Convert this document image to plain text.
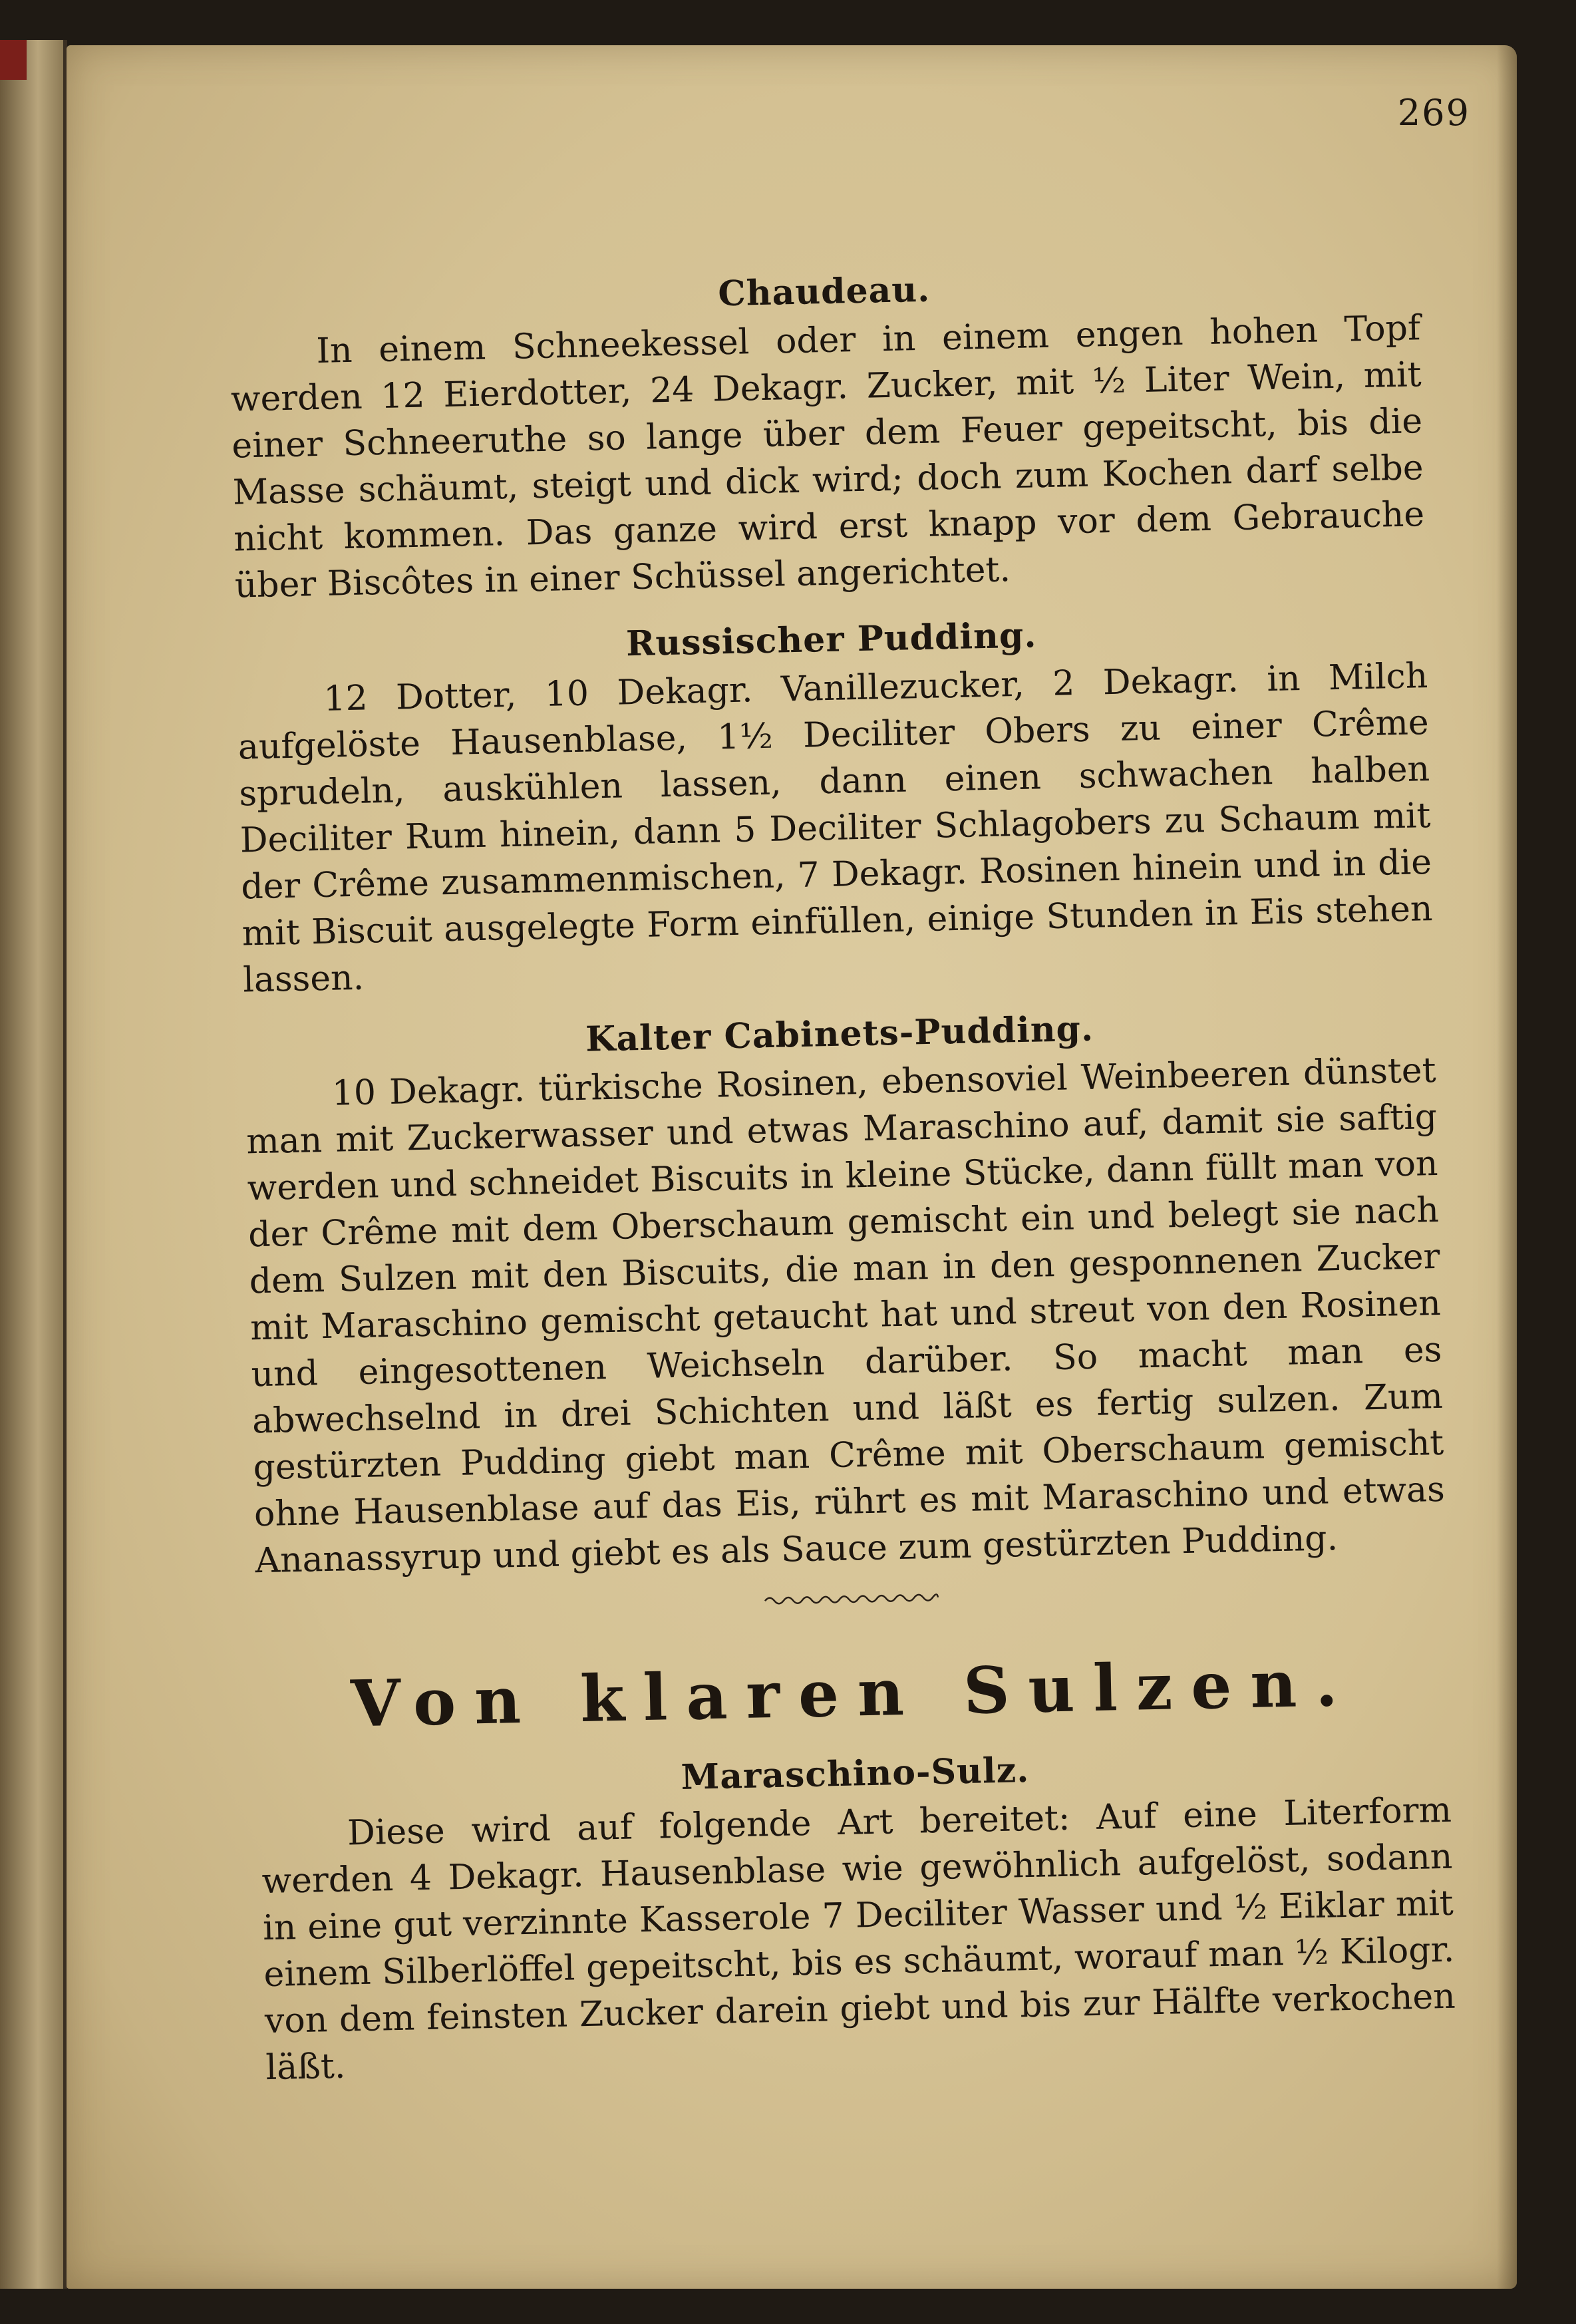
269
Chaudeau.

In einem Schneekessel oder in einem engen hohen Topf werden 12 Eierdotter, 24 Dekagr. Zucker, mit ½ Liter Wein, mit einer Schneeruthe so lange über dem Feuer gepeitscht, bis die Masse schäumt, steigt und dick wird; doch zum Kochen darf selbe nicht kommen. Das ganze wird erst knapp vor dem Gebrauche über Biscôtes in einer Schüssel angerichtet.

Russischer Pudding.

12 Dotter, 10 Dekagr. Vanillezucker, 2 Dekagr. in Milch aufgelöste Hausenblase, 1½ Deciliter Obers zu einer Crême sprudeln, auskühlen lassen, dann einen schwachen halben Deciliter Rum hinein, dann 5 Deciliter Schlagobers zu Schaum mit der Crême zusammenmischen, 7 Dekagr. Rosinen hinein und in die mit Biscuit ausgelegte Form einfüllen, einige Stunden in Eis stehen lassen.

Kalter Cabinets-Pudding.

10 Dekagr. türkische Rosinen, ebensoviel Weinbeeren dünstet man mit Zuckerwasser und etwas Maraschino auf, damit sie saftig werden und schneidet Biscuits in kleine Stücke, dann füllt man von der Crême mit dem Oberschaum gemischt ein und belegt sie nach dem Sulzen mit den Biscuits, die man in den gesponnenen Zucker mit Maraschino gemischt getaucht hat und streut von den Rosinen und eingesottenen Weichseln darüber. So macht man es abwechselnd in drei Schichten und läßt es fertig sulzen. Zum gestürzten Pudding giebt man Crême mit Oberschaum gemischt ohne Hausenblase auf das Eis, rührt es mit Maraschino und etwas Ananassyrup und giebt es als Sauce zum gestürzten Pudding.

Von klaren Sulzen.
Maraschino-Sulz.

Diese wird auf folgende Art bereitet: Auf eine Literform werden 4 Dekagr. Hausenblase wie gewöhnlich aufgelöst, sodann in eine gut verzinnte Kasserole 7 Deciliter Wasser und ½ Eiklar mit einem Silberlöffel gepeitscht, bis es schäumt, worauf man ½ Kilogr. von dem feinsten Zucker darein giebt und bis zur Hälfte verkochen läßt.
